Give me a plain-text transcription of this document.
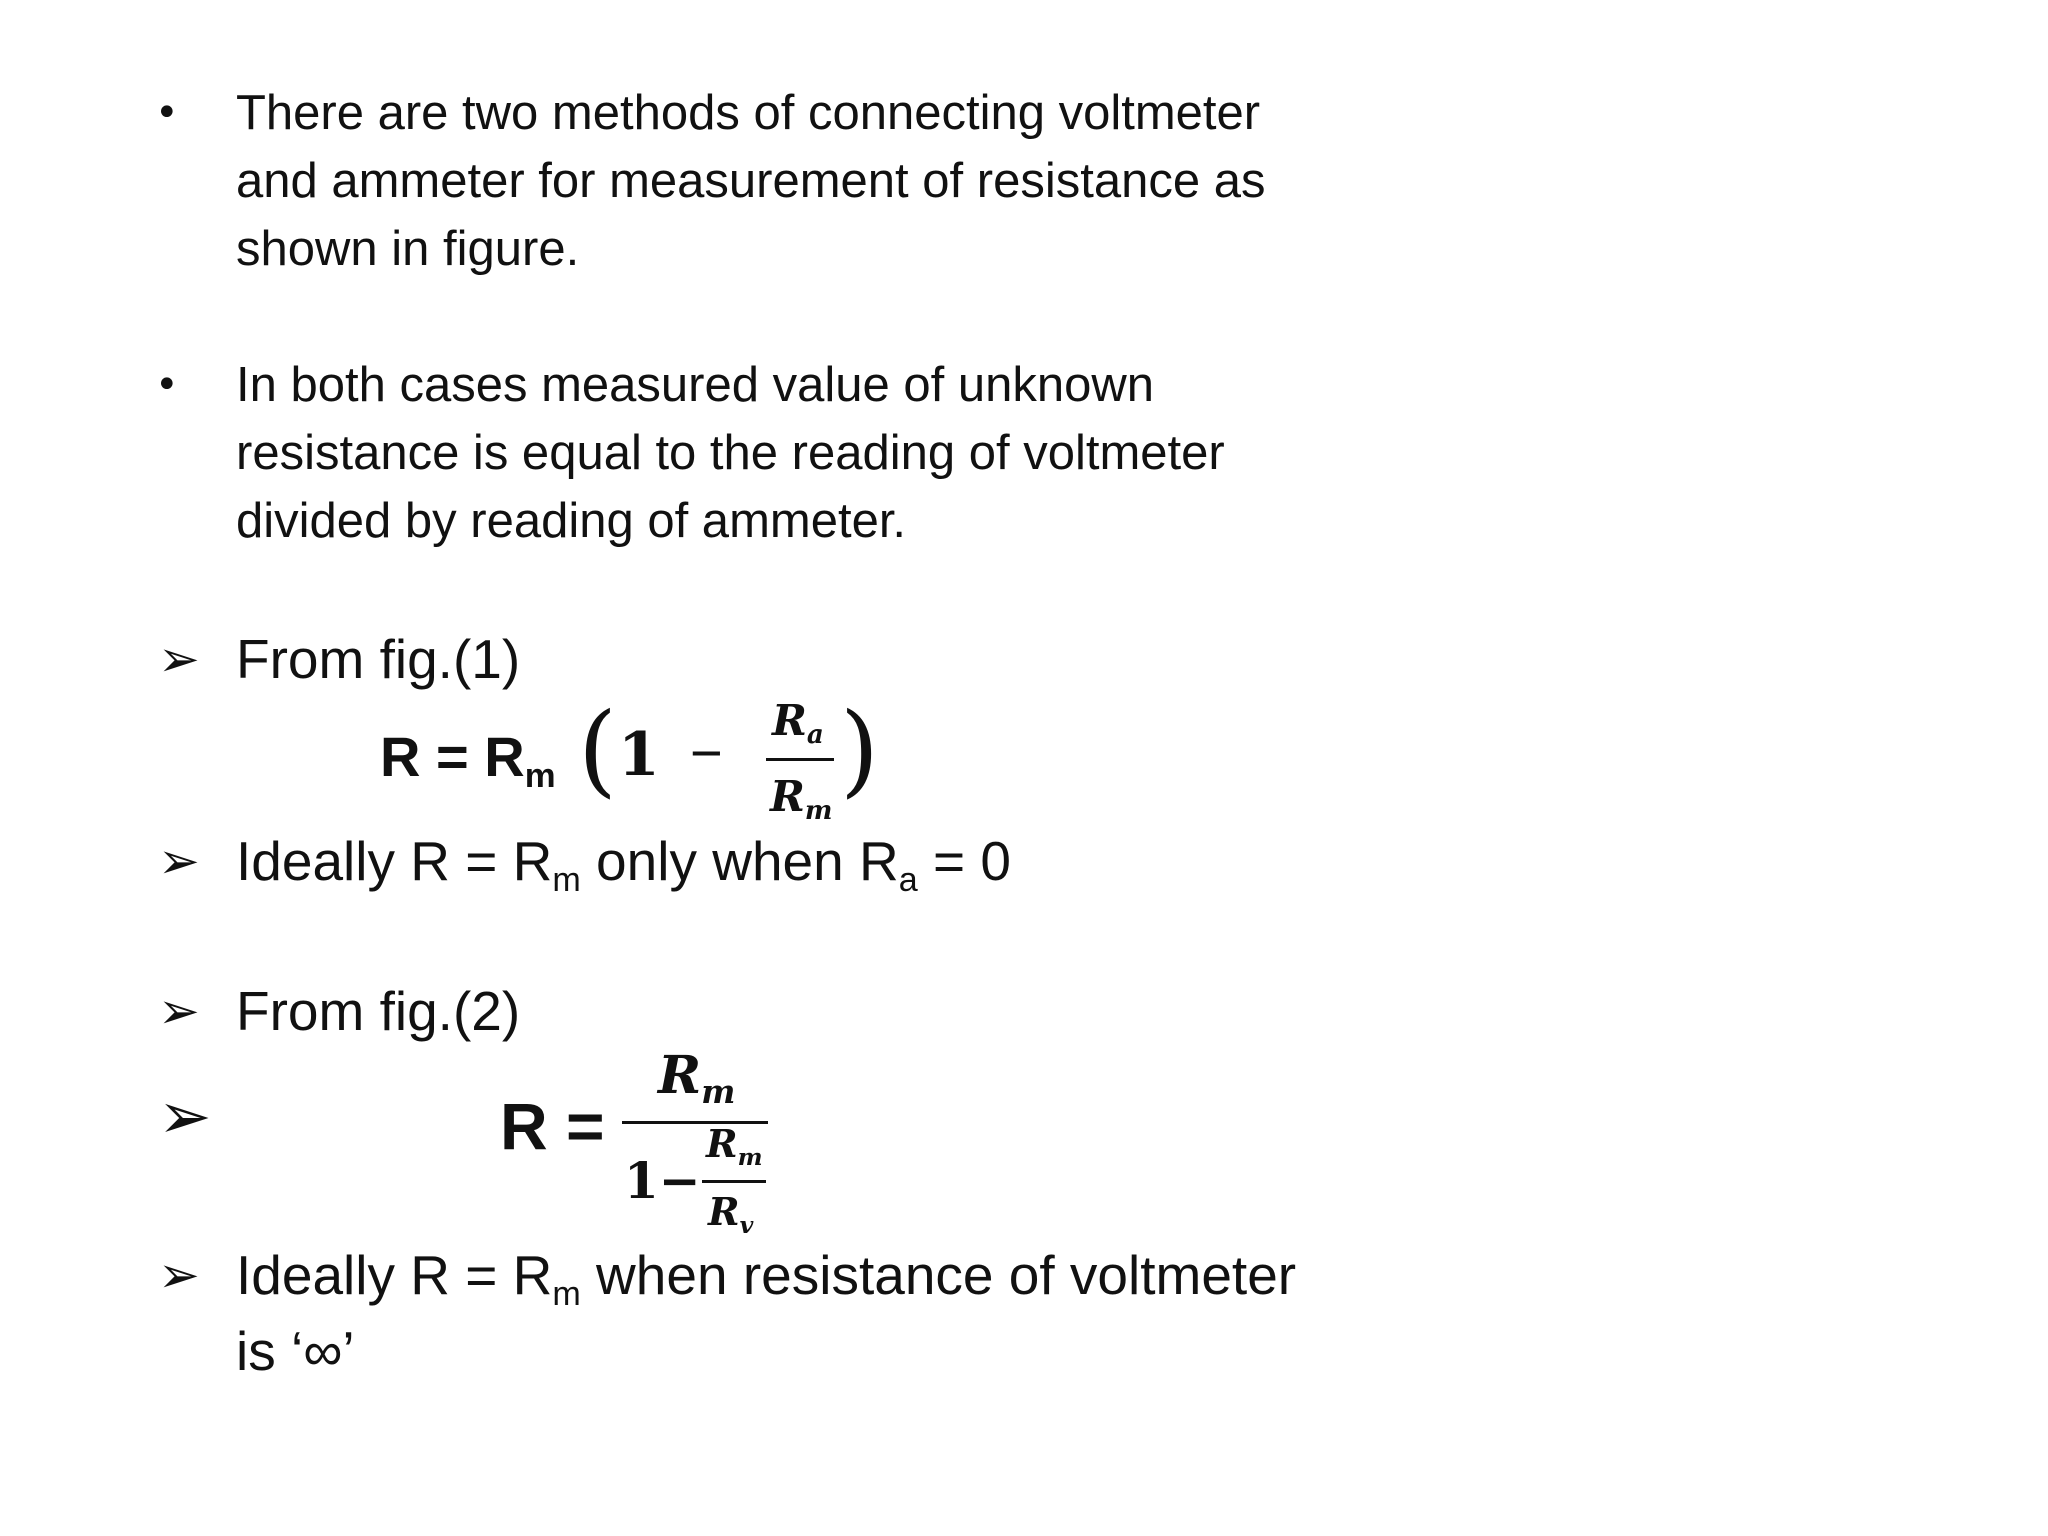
• There are two methods of connecting voltmeter
and ammeter for measurement of resistance as
shown in figure.
• In both cases measured value of unknown
resistance is equal to the reading of voltmeter
divided by reading of ammeter.
➢ From fig.(1)
R = Rm ( 1 −
Ra
Rm
)
➢ Ideally R = Rm only when Ra = 0
➢ From fig.(2)
➢	R =
Rm
1−
Rm
Rv
➢ Ideally R = Rm when resistance of voltmeter
is ‘∞’
